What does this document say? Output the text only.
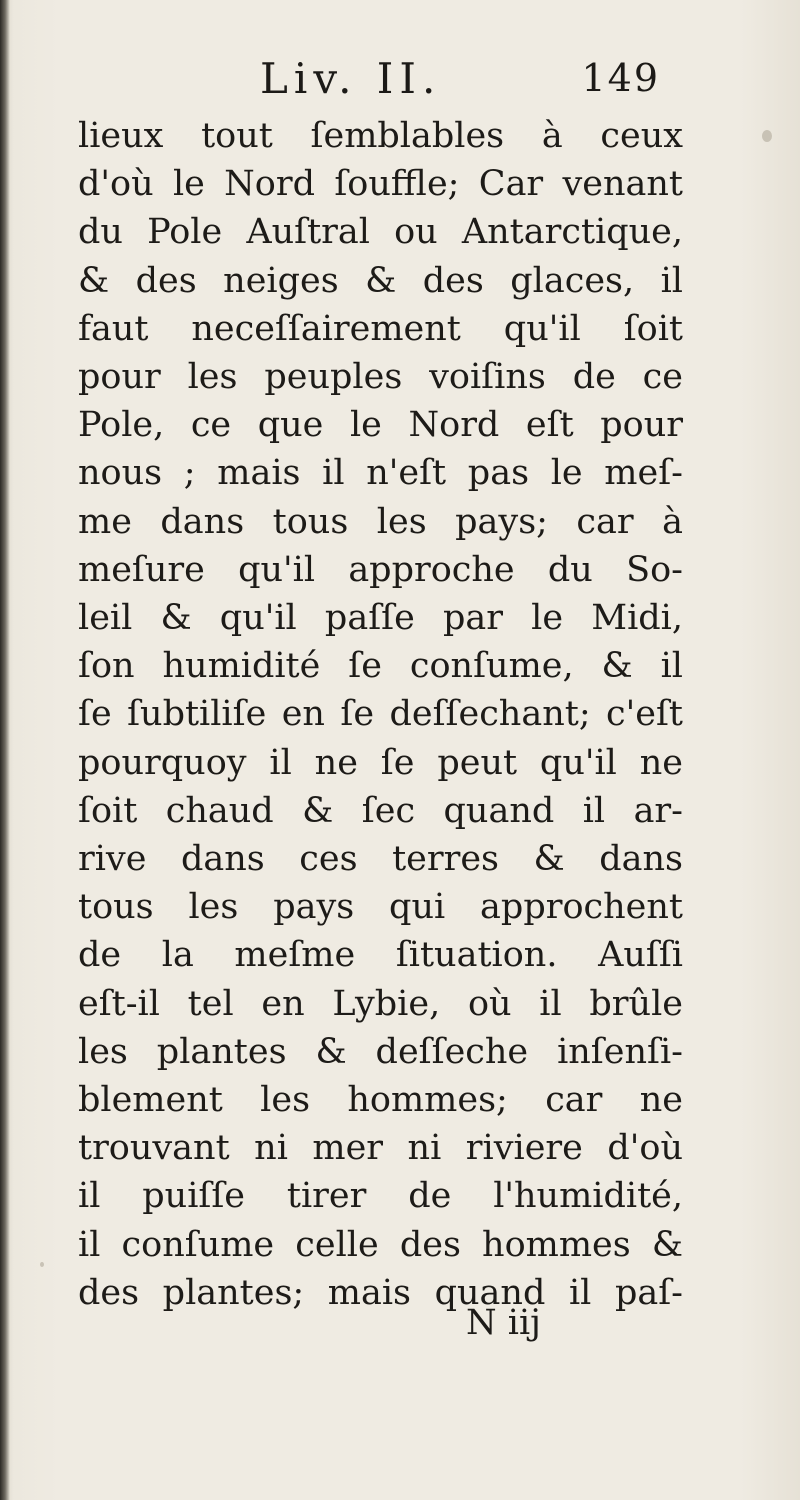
Liv. II.	149
lieux tout ſemblables à ceux
d'où le Nord ſouffle; Car venant
du Pole Auſtral ou Antarctique,
& des neiges & des glaces, il
faut neceſſairement qu'il ſoit
pour les peuples voiſins de ce
Pole, ce que le Nord eſt pour
nous ; mais il n'eſt pas le meſ-
me dans tous les pays; car à
meſure qu'il approche du So-
leil & qu'il paſſe par le Midi,
ſon humidité ſe conſume, & il
ſe ſubtiliſe en ſe deſſechant; c'eſt
pourquoy il ne ſe peut qu'il ne
ſoit chaud & ſec quand il ar-
rive dans ces terres & dans
tous les pays qui approchent
de la meſme ſituation. Auſſi
eſt-il tel en Lybie, où il brûle
les plantes & deſſeche inſenſi-
blement les hommes; car ne
trouvant ni mer ni riviere d'où
il puiſſe tirer de l'humidité,
il conſume celle des hommes &
des plantes; mais quand il paſ-
N iij
